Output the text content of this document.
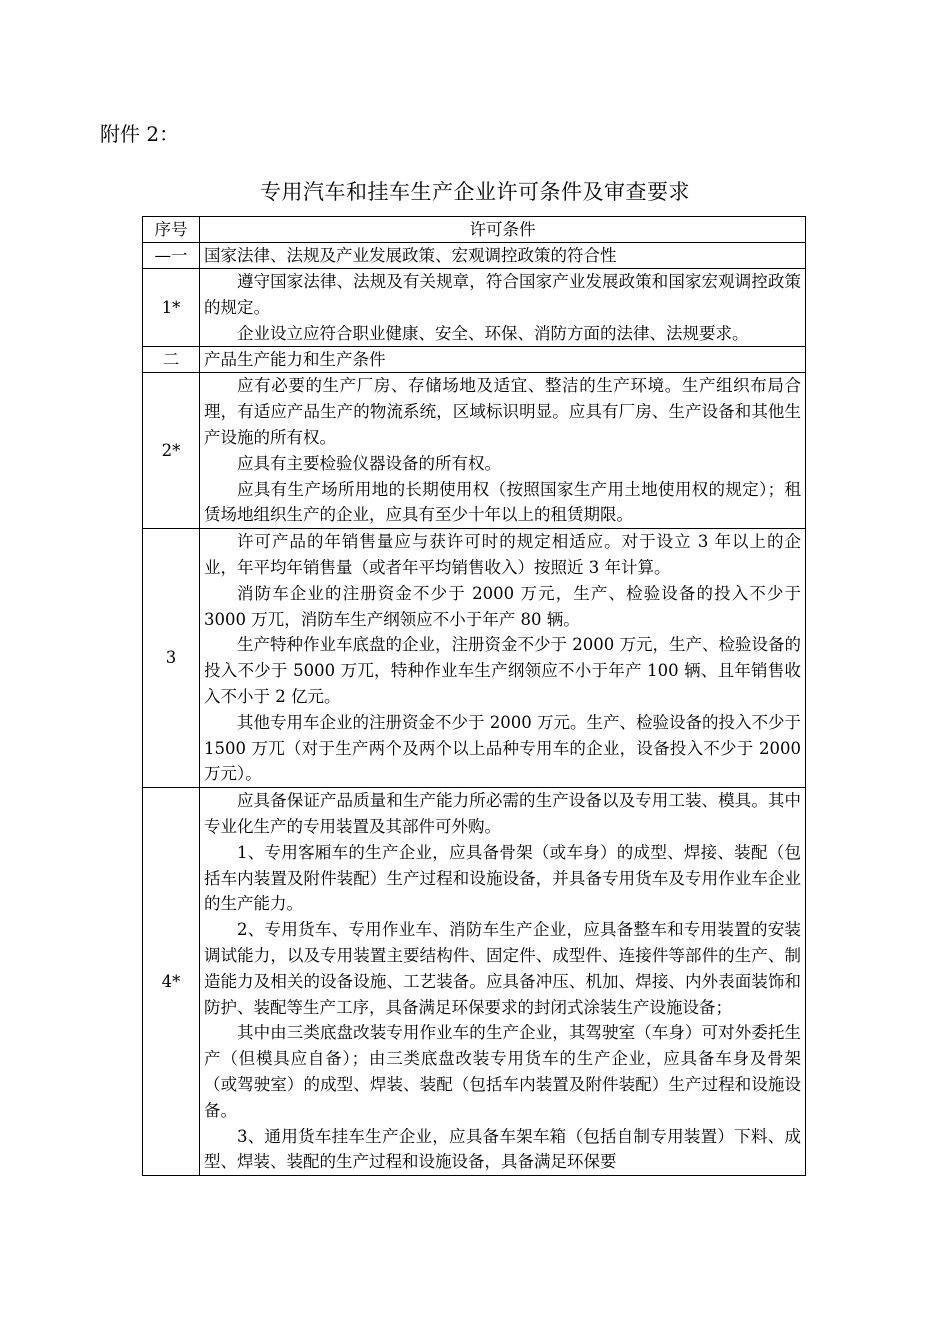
附件 2：
专用汽车和挂车生产企业许可条件及审查要求
序号	许可条件
—一	国家法律、法规及产业发展政策、宏观调控政策的符合性
1*	遵守国家法律、法规及有关规章，符合国家产业发展政策和国家宏观调控政策的规定。

企业设立应符合职业健康、安全、环保、消防方面的法律、法规要求。

二	产品生产能力和生产条件
2*	应有必要的生产厂房、存储场地及适宜、整洁的生产环境。生产组织布局合理，有适应产品生产的物流系统，区域标识明显。应具有厂房、生产设备和其他生产设施的所有权。

应具有主要检验仪器设备的所有权。

应具有生产场所用地的长期使用权（按照国家生产用土地使用权的规定）；租赁场地组织生产的企业，应具有至少十年以上的租赁期限。

3	许可产品的年销售量应与获许可时的规定相适应。对于设立 3 年以上的企业，年平均年销售量（或者年平均销售收入）按照近 3 年计算。

消防车企业的注册资金不少于 2000 万元，生产、检验设备的投入不少于 3000 万兀，消防车生产纲领应不小于年产 80 辆。

生产特种作业车底盘的企业，注册资金不少于 2000 万元，生产、检验设备的投入不少于 5000 万兀，特种作业车生产纲领应不小于年产 100 辆、且年销售收入不小于 2 亿元。

其他专用车企业的注册资金不少于 2000 万元。生产、检验设备的投入不少于 1500 万兀（对于生产两个及两个以上品种专用车的企业，设备投入不少于 2000 万元）。

4*	应具备保证产品质量和生产能力所必需的生产设备以及专用工装、模具。其中专业化生产的专用装置及其部件可外购。

1、专用客厢车的生产企业，应具备骨架（或车身）的成型、焊接、装配（包括车内装置及附件装配）生产过程和设施设备，并具备专用货车及专用作业车企业的生产能力。

2、专用货车、专用作业车、消防车生产企业，应具备整车和专用装置的安装调试能力，以及专用装置主要结构件、固定件、成型件、连接件等部件的生产、制造能力及相关的设备设施、工艺装备。应具备冲压、机加、焊接、内外表面装饰和防护、装配等生产工序，具备满足环保要求的封闭式涂装生产设施设备；

其中由三类底盘改装专用作业车的生产企业，其驾驶室（车身）可对外委托生产（但模具应自备）；由三类底盘改装专用货车的生产企业，应具备车身及骨架（或驾驶室）的成型、焊装、装配（包括车内装置及附件装配）生产过程和设施设备。

3、通用货车挂车生产企业，应具备车架车箱（包括自制专用装置）下料、成型、焊装、装配的生产过程和设施设备，具备满足环保要
